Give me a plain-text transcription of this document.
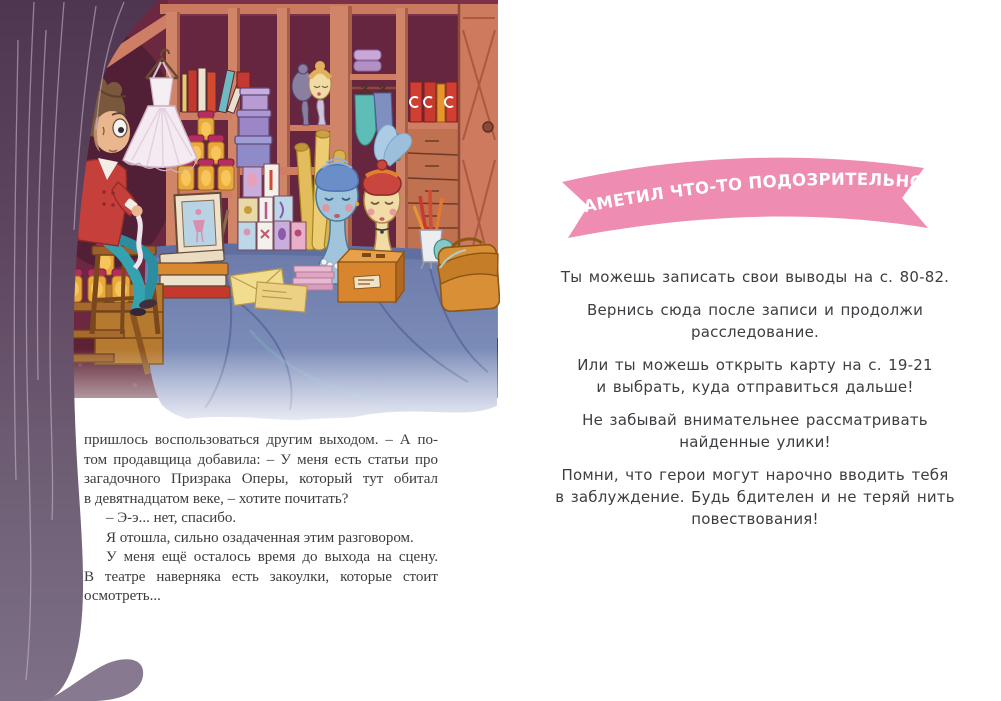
пришлось воспользоваться другим выходом. – А по-
том продавщица добавила: – У меня есть статьи про
загадочного Призрака Оперы, который тут обитал
в девятнадцатом веке, – хотите почитать?
– Э-э... нет, спасибо.
Я отошла, сильно озадаченная этим разговором.
У меня ещё осталось время до выхода на сцену.
В театре наверняка есть закоулки, которые стоит
осмотреть...
ЗАМЕТИЛ ЧТО-ТО ПОДОЗРИТЕЛЬНОЕ?
Ты можешь записать свои выводы на с. 80-82.
Вернись сюда после записи и продолжи
расследование.
Или ты можешь открыть карту на с. 19-21
и выбрать, куда отправиться дальше!
Не забывай внимательнее рассматривать
найденные улики!
Помни, что герои могут нарочно вводить тебя
в заблуждение. Будь бдителен и не теряй нить
повествования!
